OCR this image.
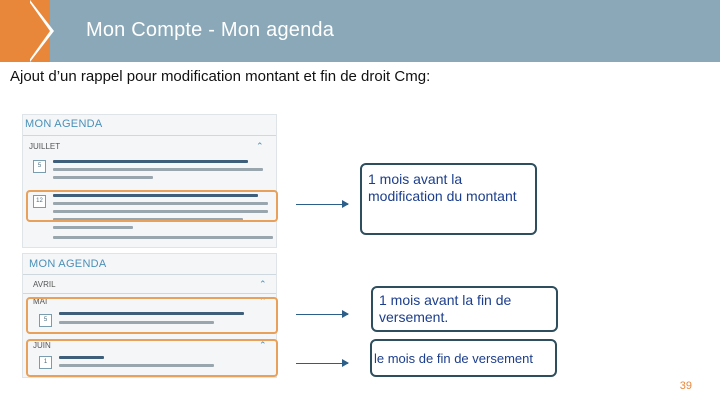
Mon Compte - Mon agenda
Ajout d’un rappel pour modification montant et fin de droit Cmg:
MON AGENDA
JUILLET	⌃
5
12
MON AGENDA
AVRIL	⌃
MAI	⌃
5
JUIN	⌃
1
1 mois avant la modification du montant
1 mois avant la fin de versement.
le mois de fin de versement
39
